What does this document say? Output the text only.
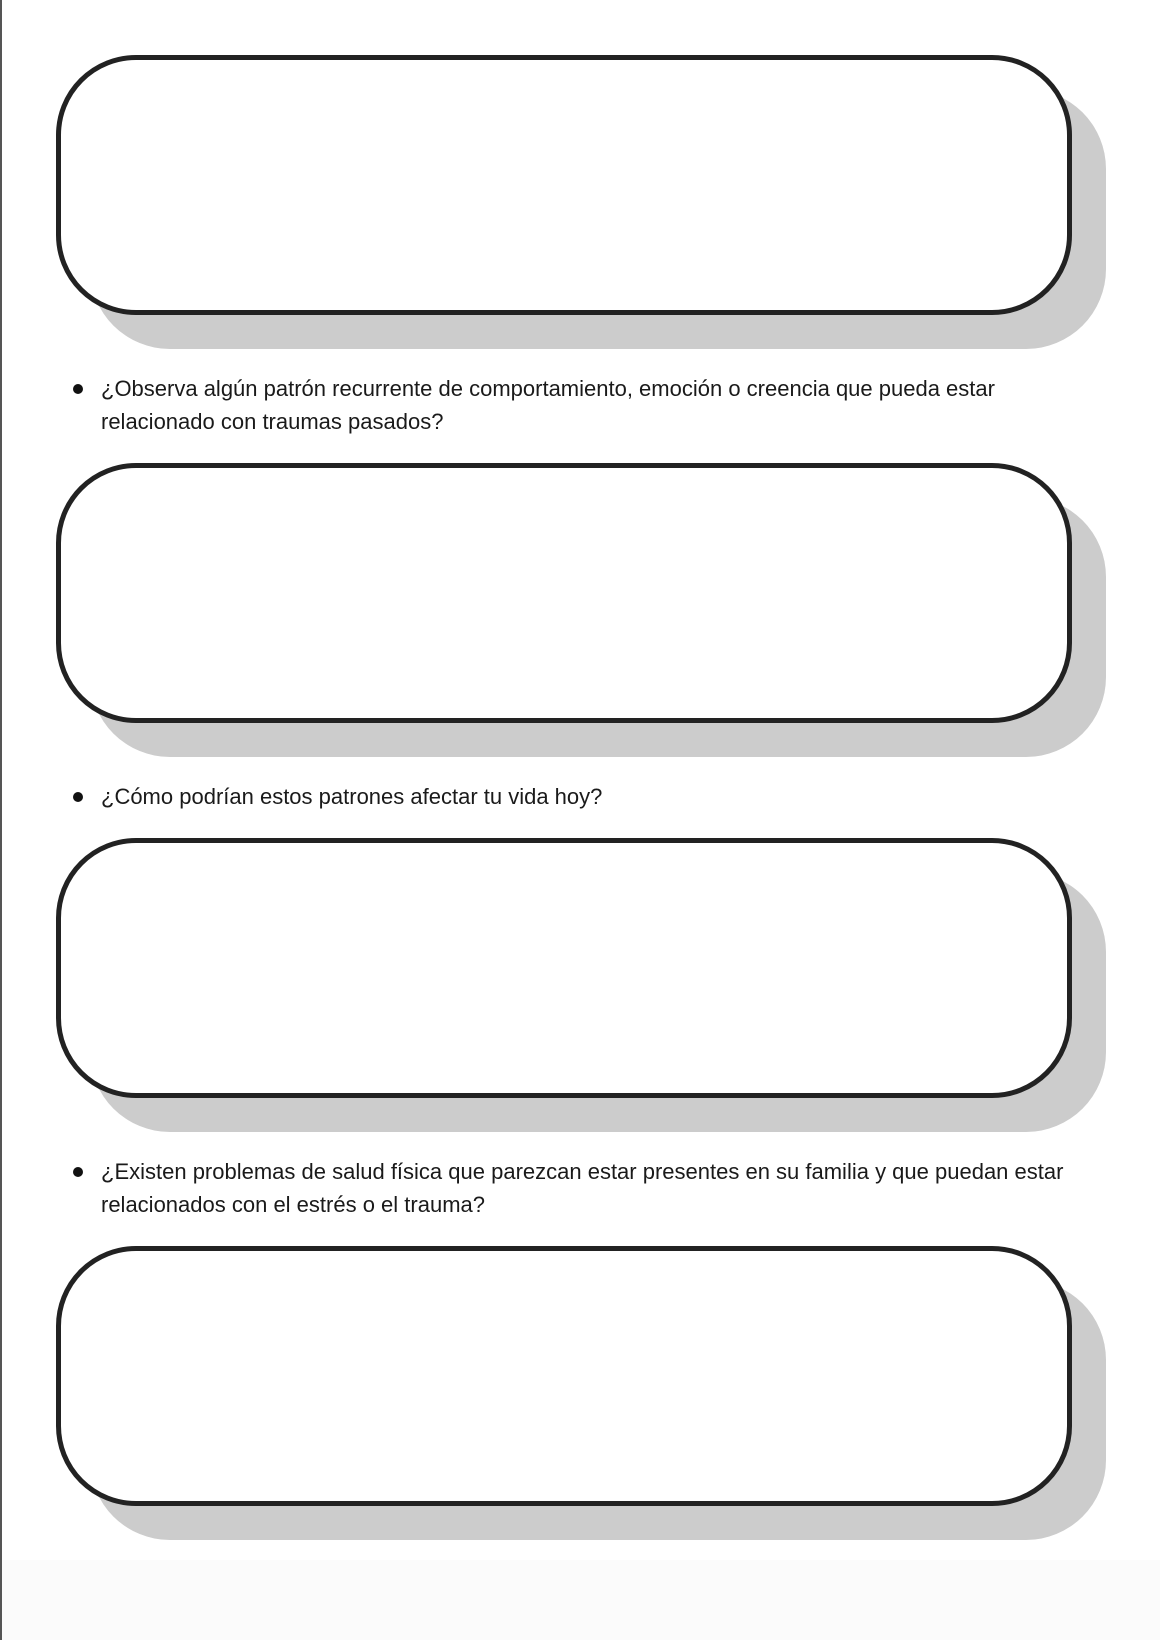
¿Observa algún patrón recurrente de comportamiento, emoción o creencia que pueda estar relacionado con traumas pasados?
¿Cómo podrían estos patrones afectar tu vida hoy?
¿Existen problemas de salud física que parezcan estar presentes en su familia y que puedan estar relacionados con el estrés o el trauma?
